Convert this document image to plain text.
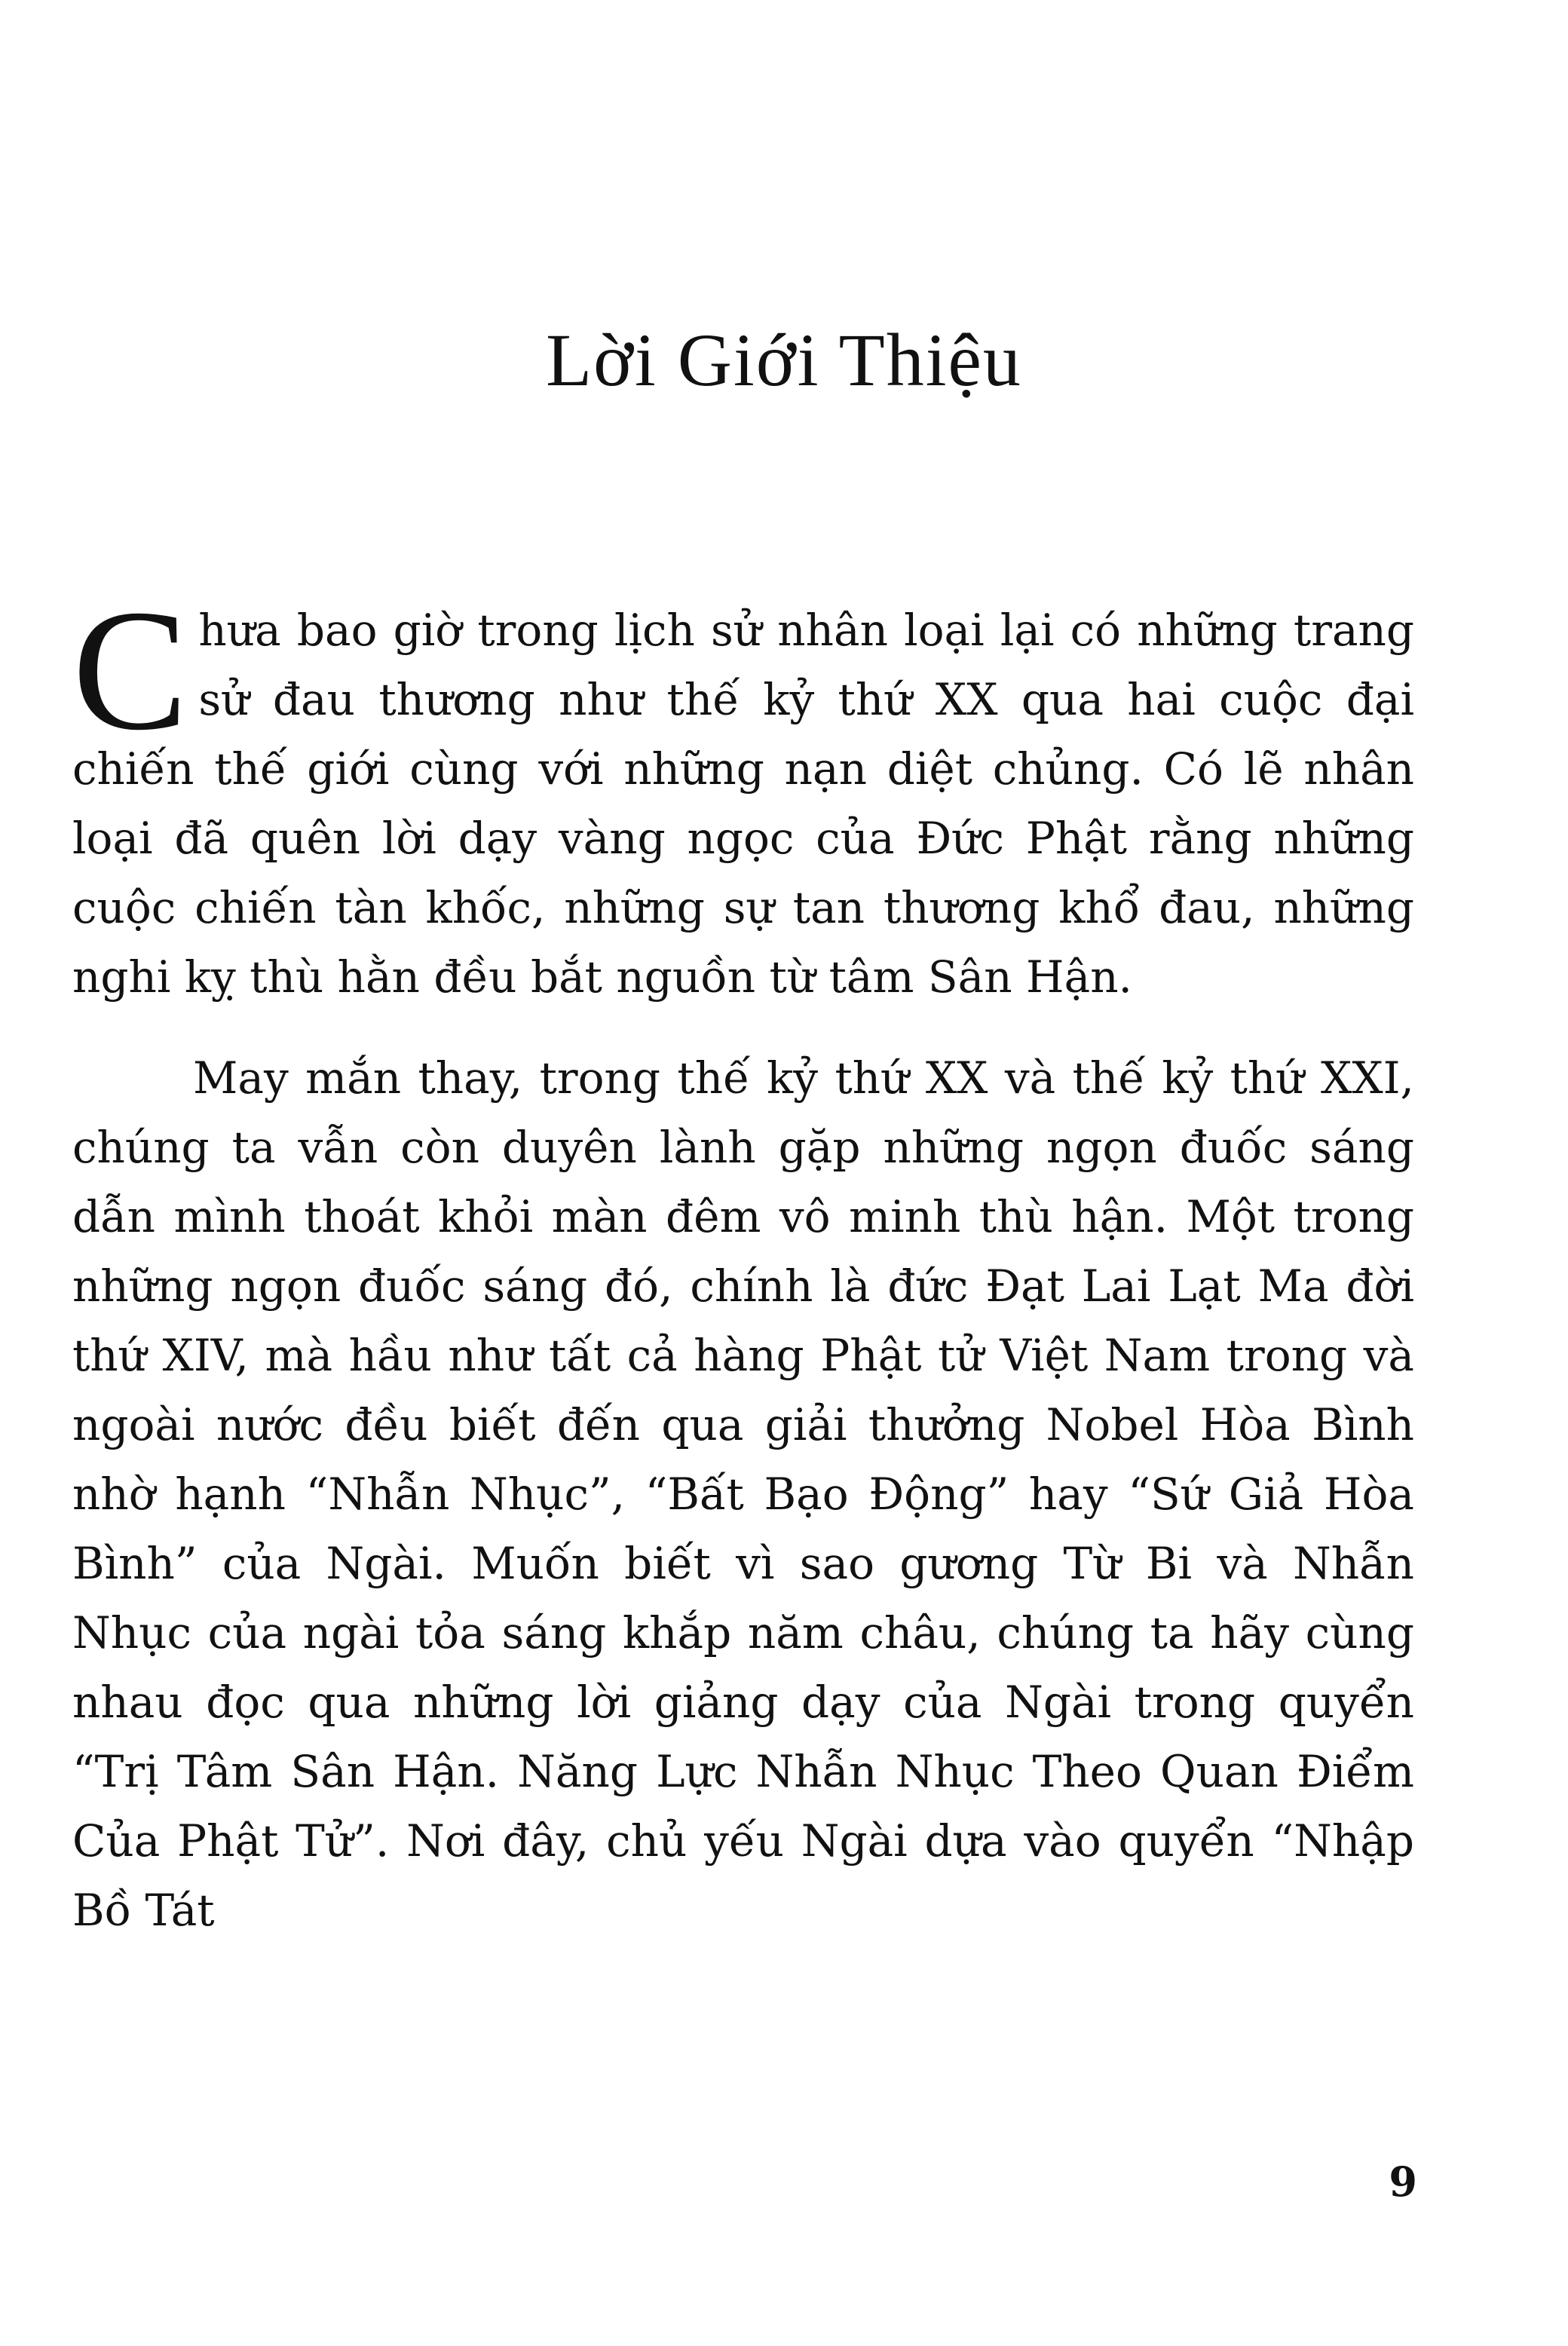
Lời Giới Thiệu

Chưa bao giờ trong lịch sử nhân loại lại có những trang sử đau thương như thế kỷ thứ XX qua hai cuộc đại chiến thế giới cùng với những nạn diệt chủng. Có lẽ nhân loại đã quên lời dạy vàng ngọc của Đức Phật rằng những cuộc chiến tàn khốc, những sự tan thương khổ đau, những nghi kỵ thù hằn đều bắt nguồn từ tâm Sân Hận.

May mắn thay, trong thế kỷ thứ XX và thế kỷ thứ XXI, chúng ta vẫn còn duyên lành gặp những ngọn đuốc sáng dẫn mình thoát khỏi màn đêm vô minh thù hận. Một trong những ngọn đuốc sáng đó, chính là đức Đạt Lai Lạt Ma đời thứ XIV, mà hầu như tất cả hàng Phật tử Việt Nam trong và ngoài nước đều biết đến qua giải thưởng Nobel Hòa Bình nhờ hạnh “Nhẫn Nhục”, “Bất Bạo Động” hay “Sứ Giả Hòa Bình” của Ngài. Muốn biết vì sao gương Từ Bi và Nhẫn Nhục của ngài tỏa sáng khắp năm châu, chúng ta hãy cùng nhau đọc qua những lời giảng dạy của Ngài trong quyển “Trị Tâm Sân Hận. Năng Lực Nhẫn Nhục Theo Quan Điểm Của Phật Tử”. Nơi đây, chủ yếu Ngài dựa vào quyển “Nhập Bồ Tát

9
